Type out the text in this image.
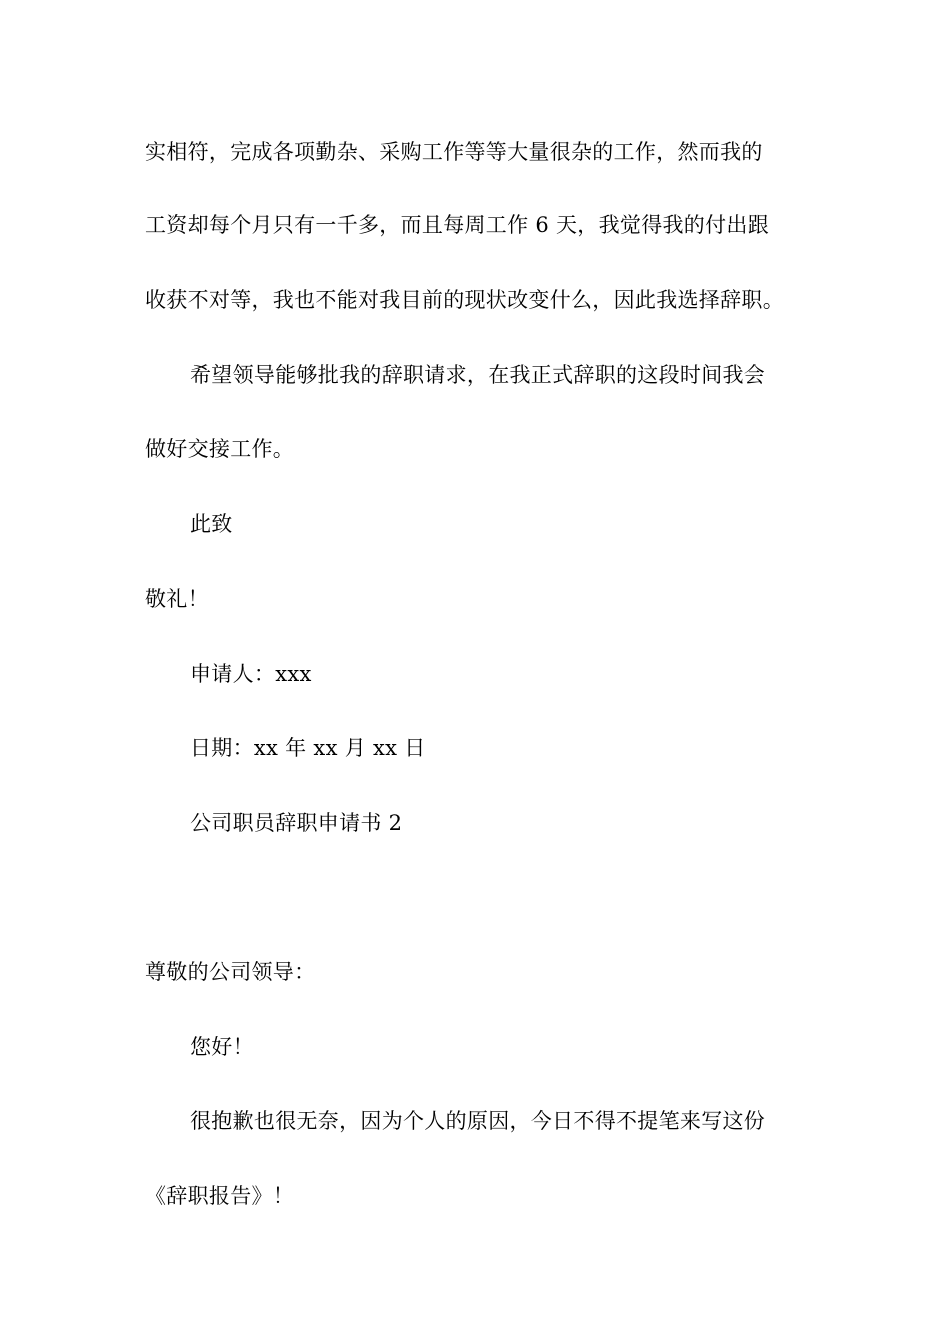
实相符，完成各项勤杂、采购工作等等大量很杂的工作，然而我的
工资却每个月只有一千多，而且每周工作 6 天，我觉得我的付出跟
收获不对等，我也不能对我目前的现状改变什么，因此我选择辞职。
希望领导能够批我的辞职请求，在我正式辞职的这段时间我会
做好交接工作。
此致
敬礼！
申请人：xxx
日期：xx 年 xx 月 xx 日
公司职员辞职申请书 2
尊敬的公司领导：
您好！
很抱歉也很无奈，因为个人的原因，今日不得不提笔来写这份
《辞职报告》！
